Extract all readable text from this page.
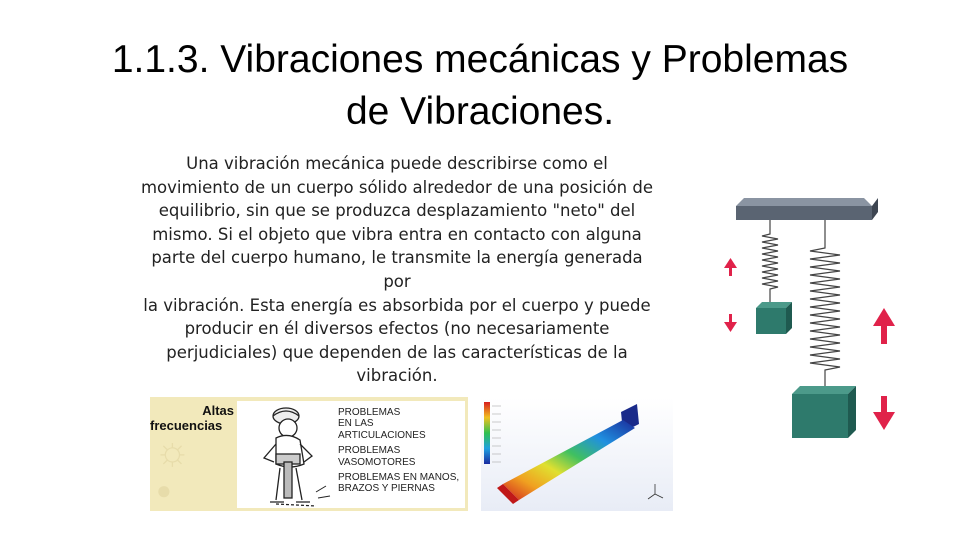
1.1.3. Vibraciones mecánicas y Problemas
de Vibraciones.
Una vibración mecánica puede describirse como el
movimiento de un cuerpo sólido alrededor de una posición de
equilibrio, sin que se produzca desplazamiento "neto" del
mismo. Si el objeto que vibra entra en contacto con alguna
parte del cuerpo humano, le transmite la energía generada por
la vibración. Esta energía es absorbida por el cuerpo y puede
producir en él diversos efectos (no necesariamente
perjudiciales) que dependen de las características de la
vibración.
☼
●
Altas
frecuencias
PROBLEMAS
EN LAS
ARTICULACIONES
PROBLEMAS
VASOMOTORES
PROBLEMAS EN MANOS,
BRAZOS Y PIERNAS
